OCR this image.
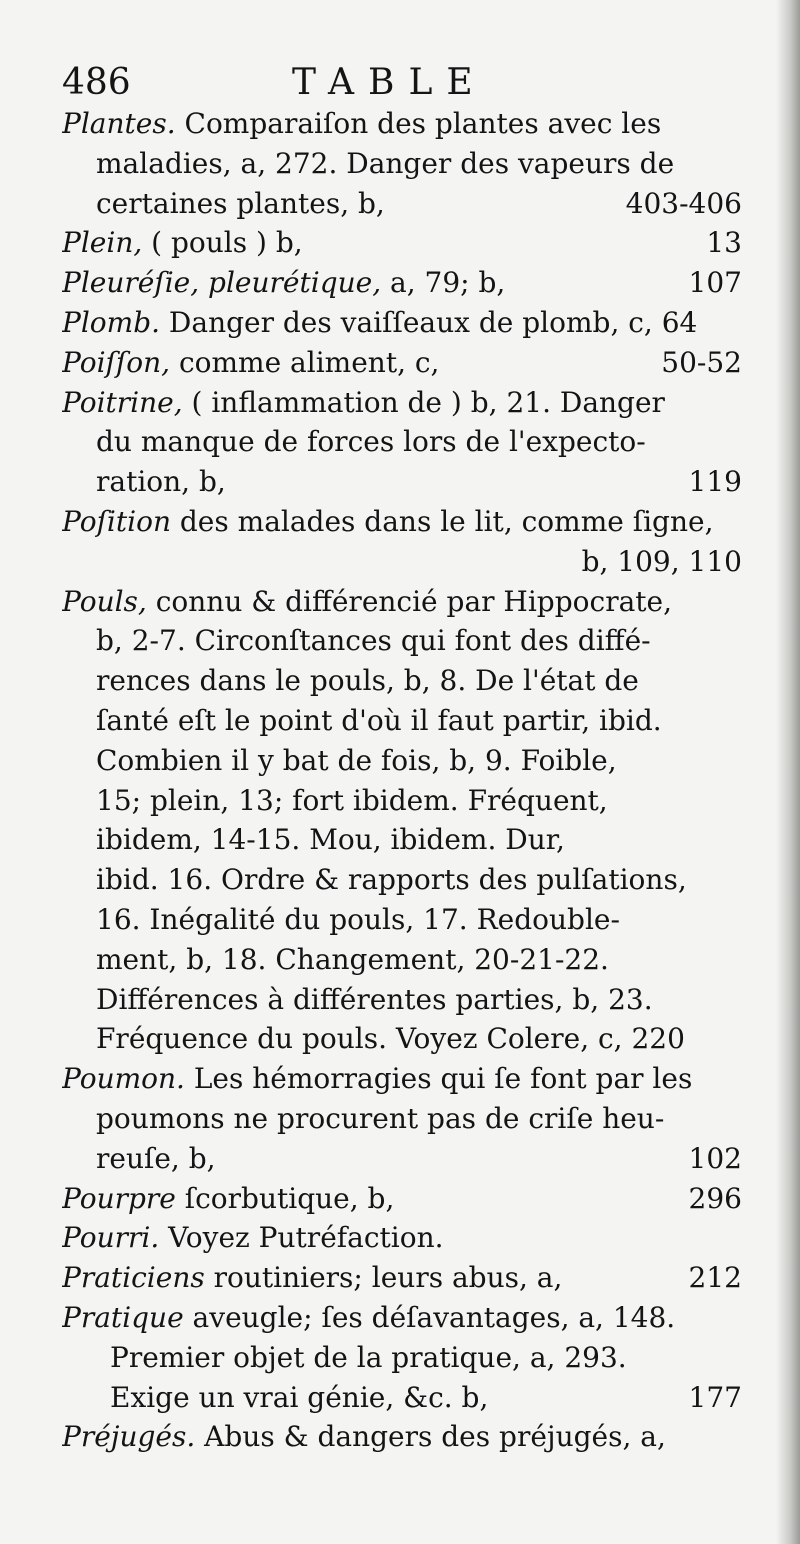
486	TABLE
Plantes. Comparaiſon des plantes avec les
maladies, a, 272. Danger des vapeurs de
certaines plantes, b,	403-406
Plein, ( pouls ) b,	13
Pleuréſie, pleurétique, a, 79; b,	107
Plomb. Danger des vaiſſeaux de plomb, c, 64
Poiſſon, comme aliment, c,	50-52
Poitrine, ( inflammation de ) b, 21. Danger
du manque de forces lors de l'expecto-
ration, b,	119
Poſition des malades dans le lit, comme ſigne,
b, 109, 110
Pouls, connu & différencié par Hippocrate,
b, 2-7. Circonſtances qui font des diffé-
rences dans le pouls, b, 8. De l'état de
ſanté eſt le point d'où il faut partir, ibid.
Combien il y bat de fois, b, 9. Foible,
15; plein, 13; fort ibidem. Fréquent,
ibidem, 14-15. Mou, ibidem. Dur,
ibid. 16. Ordre & rapports des pulſations,
16. Inégalité du pouls, 17. Redouble-
ment, b, 18. Changement, 20-21-22.
Différences à différentes parties, b, 23.
Fréquence du pouls. Voyez Colere, c, 220
Poumon. Les hémorragies qui ſe font par les
poumons ne procurent pas de criſe heu-
reuſe, b,	102
Pourpre ſcorbutique, b,	296
Pourri. Voyez Putréfaction.
Praticiens routiniers; leurs abus, a,	212
Pratique aveugle; ſes déſavantages, a, 148.
Premier objet de la pratique, a, 293.
Exige un vrai génie, &c. b,	177
Préjugés. Abus & dangers des préjugés, a,
